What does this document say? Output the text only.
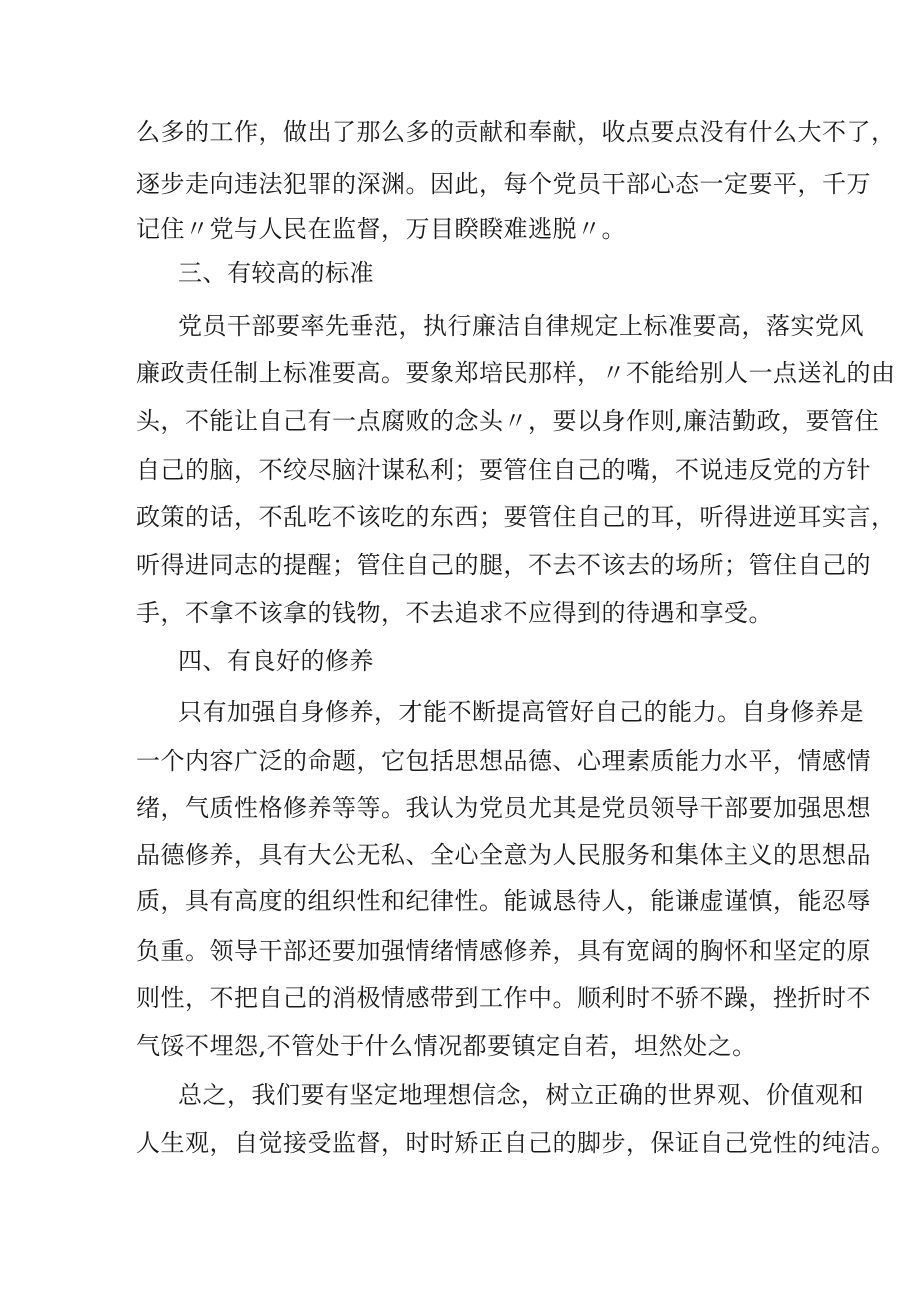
么多的工作，做出了那么多的贡献和奉献，收点要点没有什么大不了，
逐步走向违法犯罪的深渊。因此，每个党员干部心态一定要平，千万
记住〃党与人民在监督，万目睽睽难逃脱〃。
三、有较高的标准
党员干部要率先垂范，执行廉洁自律规定上标准要高，落实党风
廉政责任制上标准要高。要象郑培民那样，〃不能给别人一点送礼的由
头，不能让自己有一点腐败的念头〃，要以身作则,廉洁勤政，要管住
自己的脑，不绞尽脑汁谋私利；要管住自己的嘴，不说违反党的方针
政策的话，不乱吃不该吃的东西；要管住自己的耳，听得进逆耳实言，
听得进同志的提醒；管住自己的腿，不去不该去的场所；管住自己的
手，不拿不该拿的钱物，不去追求不应得到的待遇和享受。
四、有良好的修养
只有加强自身修养，才能不断提高管好自己的能力。自身修养是
一个内容广泛的命题，它包括思想品德、心理素质能力水平，情感情
绪，气质性格修养等等。我认为党员尤其是党员领导干部要加强思想
品德修养，具有大公无私、全心全意为人民服务和集体主义的思想品
质，具有高度的组织性和纪律性。能诚恳待人，能谦虚谨慎，能忍辱
负重。领导干部还要加强情绪情感修养，具有宽阔的胸怀和坚定的原
则性，不把自己的消极情感带到工作中。顺利时不骄不躁，挫折时不
气馁不埋怨,不管处于什么情况都要镇定自若，坦然处之。
总之，我们要有坚定地理想信念，树立正确的世界观、价值观和
人生观，自觉接受监督，时时矫正自己的脚步，保证自己党性的纯洁。
